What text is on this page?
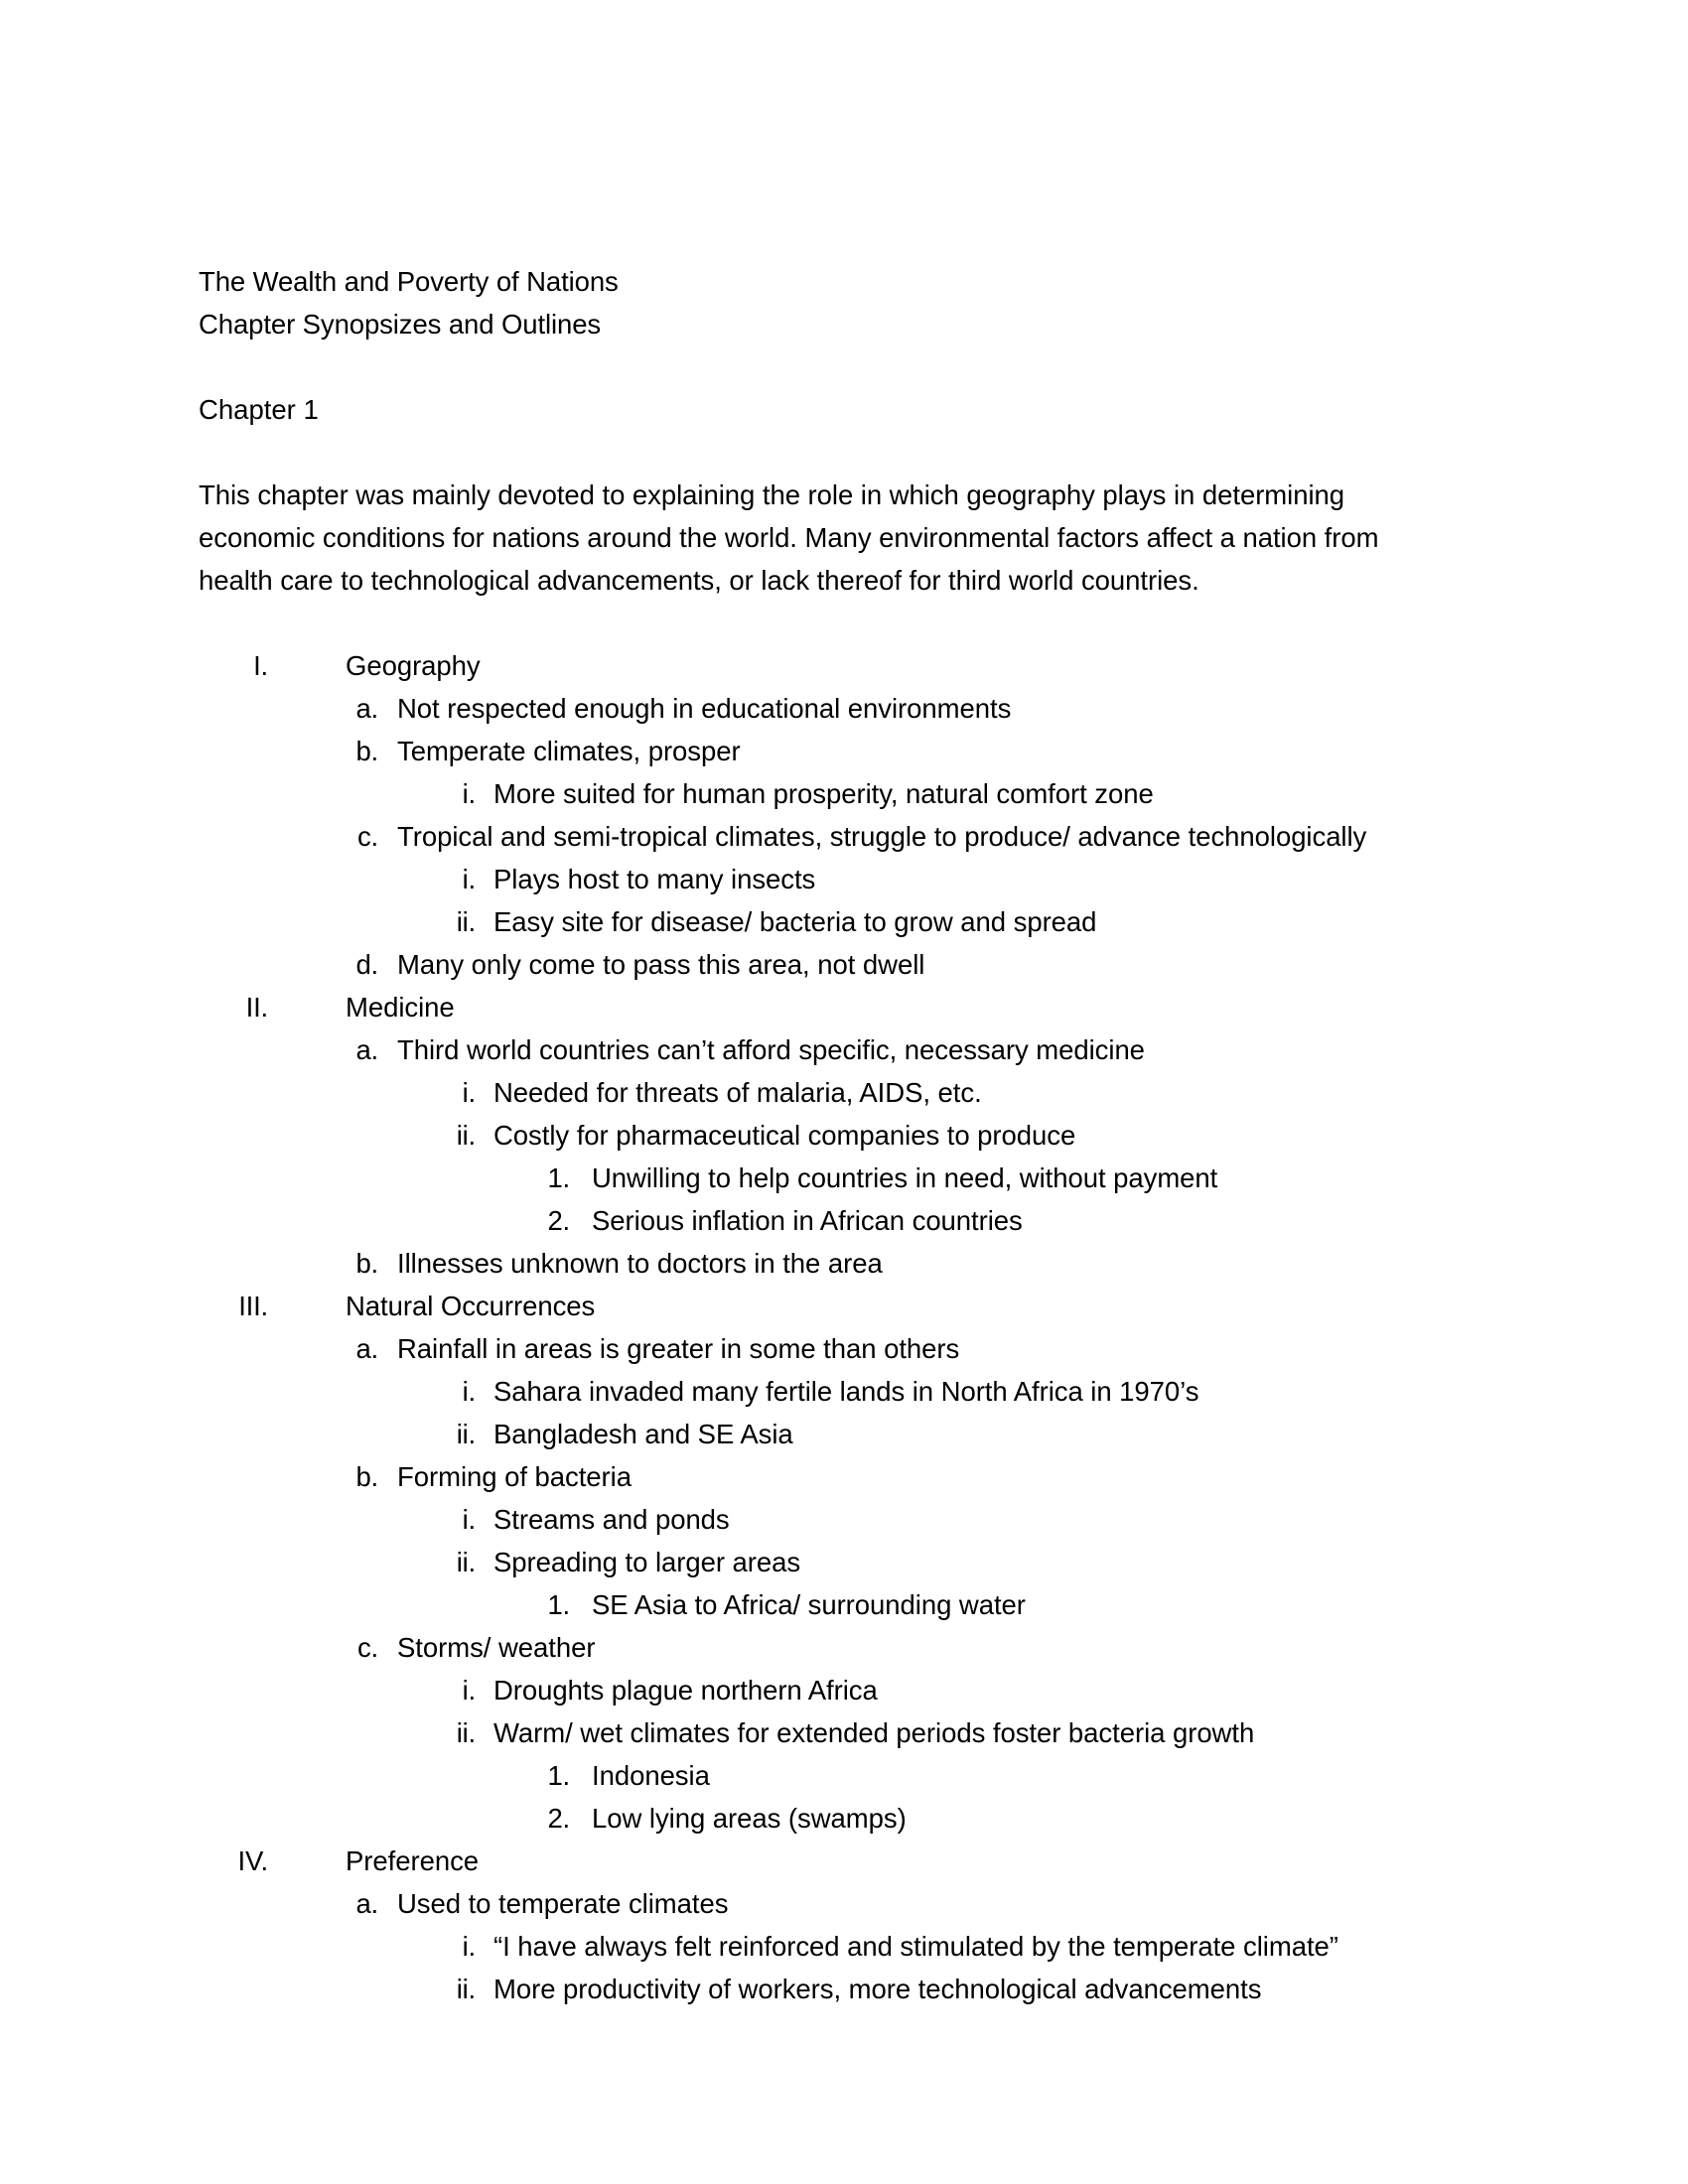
The Wealth and Poverty of Nations
Chapter Synopsizes and Outlines
Chapter 1
This chapter was mainly devoted to explaining the role in which geography plays in determining economic conditions for nations around the world. Many environmental factors affect a nation from health care to technological advancements, or lack thereof for third world countries.
I.	Geography
a. Not respected enough in educational environments
b. Temperate climates, prosper
i. More suited for human prosperity, natural comfort zone
c. Tropical and semi-tropical climates, struggle to produce/ advance technologically
i. Plays host to many insects
ii. Easy site for disease/ bacteria to grow and spread
d. Many only come to pass this area, not dwell
II.	Medicine
a. Third world countries can’t afford specific, necessary medicine
i. Needed for threats of malaria, AIDS, etc.
ii. Costly for pharmaceutical companies to produce
1. Unwilling to help countries in need, without payment
2. Serious inflation in African countries
b. Illnesses unknown to doctors in the area
III.	Natural Occurrences
a. Rainfall in areas is greater in some than others
i. Sahara invaded many fertile lands in North Africa in 1970’s
ii. Bangladesh and SE Asia
b. Forming of bacteria
i. Streams and ponds
ii. Spreading to larger areas
1. SE Asia to Africa/ surrounding water
c. Storms/ weather
i. Droughts plague northern Africa
ii. Warm/ wet climates for extended periods foster bacteria growth
1. Indonesia
2. Low lying areas (swamps)
IV.	Preference
a. Used to temperate climates
i. “I have always felt reinforced and stimulated by the temperate climate”
ii. More productivity of workers, more technological advancements
